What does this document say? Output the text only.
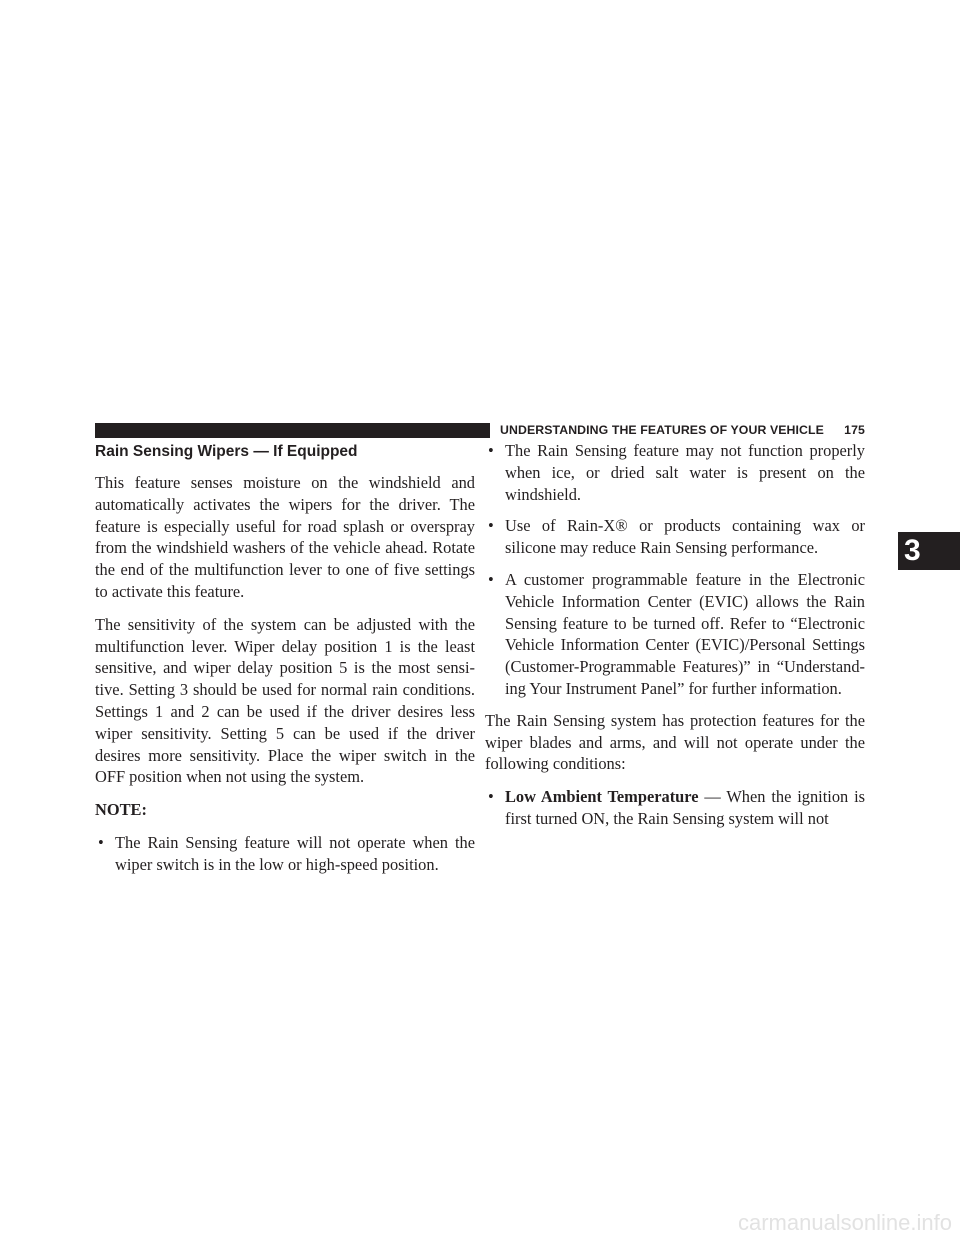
UNDERSTANDING THE FEATURES OF YOUR VEHICLE 175
Rain Sensing Wipers — If Equipped

This feature senses moisture on the windshield and automatically activates the wipers for the driver. The feature is especially useful for road splash or overspray from the windshield washers of the vehicle ahead. Rotate the end of the multifunction lever to one of five settings to activate this feature.

The sensitivity of the system can be adjusted with the multifunction lever. Wiper delay position 1 is the least sensitive, and wiper delay position 5 is the most sensi-tive. Setting 3 should be used for normal rain conditions. Settings 1 and 2 can be used if the driver desires less wiper sensitivity. Setting 5 can be used if the driver desires more sensitivity. Place the wiper switch in the OFF position when not using the system.

NOTE:
• The Rain Sensing feature will not operate when the wiper switch is in the low or high-speed position.
• The Rain Sensing feature may not function properly when ice, or dried salt water is present on the windshield.
• Use of Rain-X® or products containing wax or silicone may reduce Rain Sensing performance.
• A customer programmable feature in the Electronic Vehicle Information Center (EVIC) allows the Rain Sensing feature to be turned off. Refer to “Electronic Vehicle Information Center (EVIC)/Personal Settings (Customer-Programmable Features)” in “Understand-ing Your Instrument Panel” for further information.

The Rain Sensing system has protection features for the wiper blades and arms, and will not operate under the following conditions:

• Low Ambient Temperature — When the ignition is first turned ON, the Rain Sensing system will not
3
carmanualsonline.info
